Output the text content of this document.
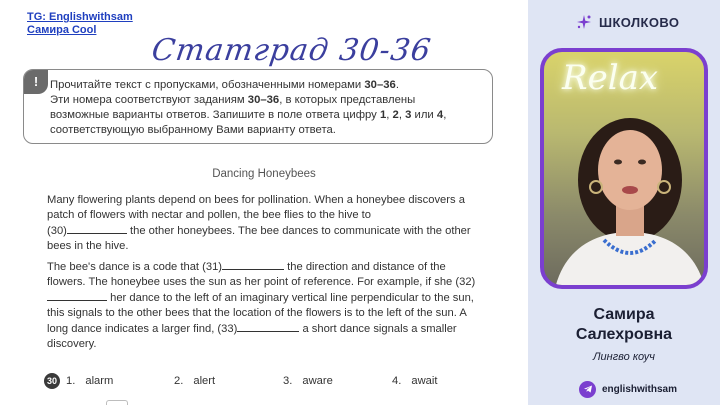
TG: Englishwithsam
Самира Cool
Статград 30-36
!	Прочитайте текст с пропусками, обозначенными номерами 30–36.
Эти номера соответствуют заданиям 30–36, в которых представлены
возможные варианты ответов. Запишите в поле ответа цифру 1, 2, 3 или 4,
соответствующую выбранному Вами варианту ответа.
Dancing Honeybees
Many flowering plants depend on bees for pollination. When a honeybee discovers a patch of flowers with nectar and pollen, the bee flies to the hive to
(30)	the other honeybees. The bee dances to communicate with the other bees in the hive.
The bee's dance is a code that (31)	the direction and distance of the flowers. The honeybee uses the sun as her point of reference. For example, if she (32) her dance to the left of an imaginary vertical line perpendicular to the sun, this signals to the other bees that the location of the flowers is to the left of the sun. A long dance indicates a larger find, (33)	a short dance signals a smaller discovery.
30 1. alarm	2. alert	3. aware	4. await
ШКОЛКОВО
Relax
Самира
Салехровна
Лингво коуч
englishwithsam
